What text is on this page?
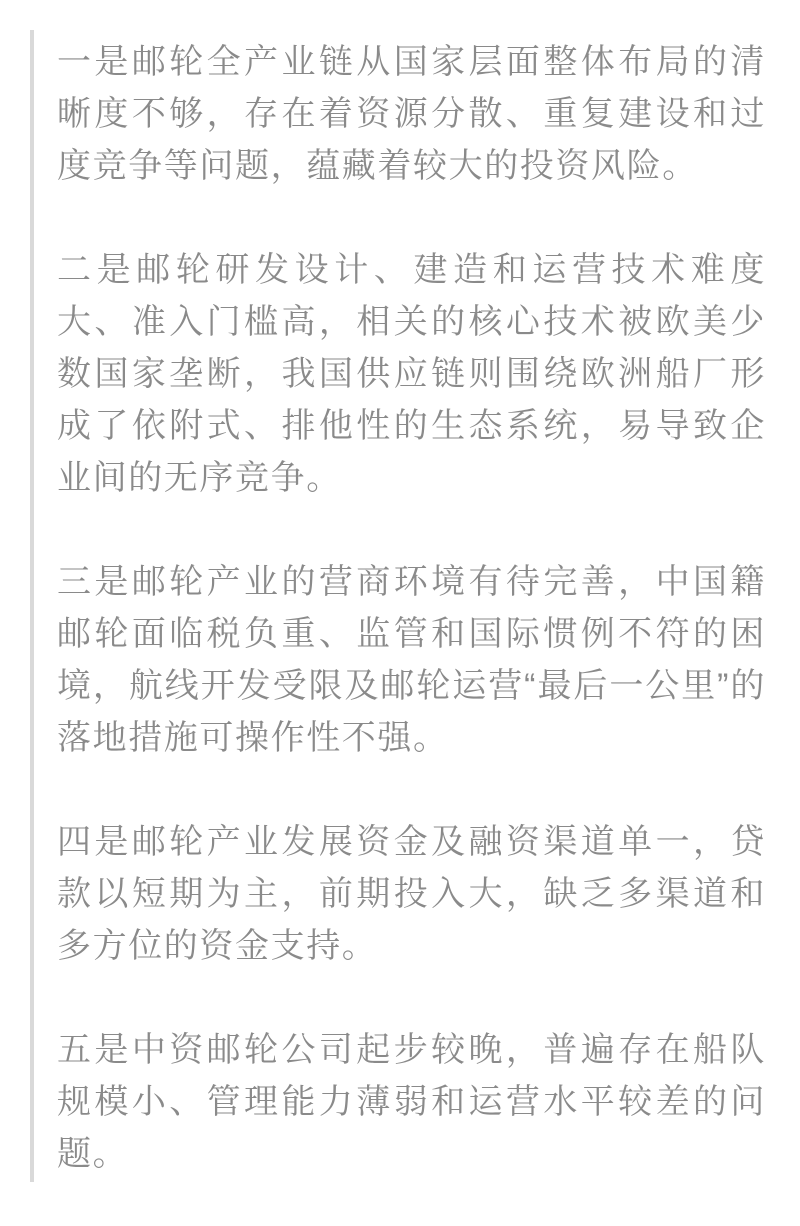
一是邮轮全产业链从国家层面整体布局的清晰度不够，存在着资源分散、重复建设和过度竞争等问题，蕴藏着较大的投资风险。

二是邮轮研发设计、建造和运营技术难度大、准入门槛高，相关的核心技术被欧美少数国家垄断，我国供应链则围绕欧洲船厂形成了依附式、排他性的生态系统，易导致企业间的无序竞争。

三是邮轮产业的营商环境有待完善，中国籍邮轮面临税负重、监管和国际惯例不符的困境，航线开发受限及邮轮运营“最后一公里”的落地措施可操作性不强。

四是邮轮产业发展资金及融资渠道单一，贷款以短期为主，前期投入大，缺乏多渠道和多方位的资金支持。

五是中资邮轮公司起步较晚，普遍存在船队规模小、管理能力薄弱和运营水平较差的问题。
